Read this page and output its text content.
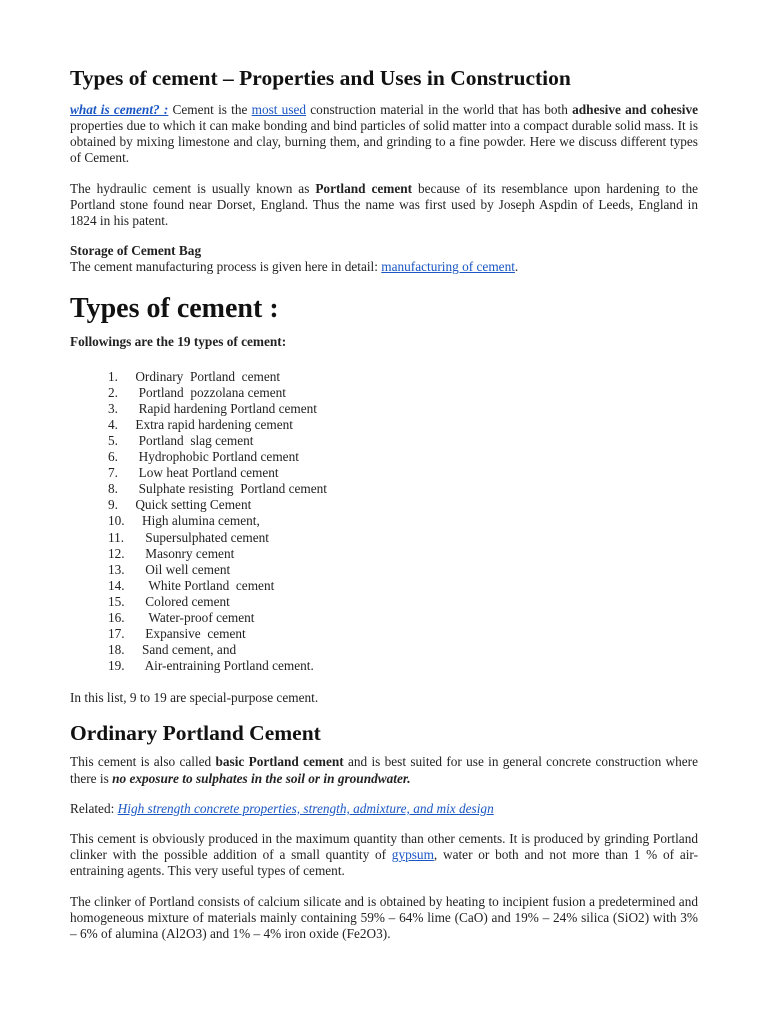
Types of cement – Properties and Uses in Construction

what is cement? : Cement is the most used construction material in the world that has both adhesive and cohesive properties due to which it can make bonding and bind particles of solid matter into a compact durable solid mass. It is obtained by mixing limestone and clay, burning them, and grinding to a fine powder. Here we discuss different types of Cement.

The hydraulic cement is usually known as Portland cement because of its resemblance upon hardening to the Portland stone found near Dorset, England. Thus the name was first used by Joseph Aspdin of Leeds, England in 1824 in his patent.

Storage of Cement Bag

The cement manufacturing process is given here in detail: manufacturing of cement.

Types of cement :

Followings are the 19 types of cement:

1. Ordinary  Portland  cement
2.  Portland  pozzolana cement
3.  Rapid hardening Portland cement
4. Extra rapid hardening cement
5.  Portland  slag cement
6.  Hydrophobic Portland cement
7.  Low heat Portland cement
8.  Sulphate resisting  Portland cement
9. Quick setting Cement
10.   High alumina cement,
11.    Supersulphated cement
12.    Masonry cement
13.    Oil well cement
14.     White Portland  cement
15.    Colored cement
16.     Water-proof cement
17.    Expansive  cement
18.   Sand cement, and
19.    Air-entraining Portland cement.

In this list, 9 to 19 are special-purpose cement.

Ordinary Portland Cement

This cement is also called basic Portland cement and is best suited for use in general concrete construction where there is no exposure to sulphates in the soil or in groundwater.

Related: High strength concrete properties, strength, admixture, and mix design

This cement is obviously produced in the maximum quantity than other cements. It is produced by grinding Portland clinker with the possible addition of a small quantity of gypsum, water or both and not more than 1 % of air-entraining agents. This very useful types of cement.

The clinker of Portland consists of calcium silicate and is obtained by heating to incipient fusion a predetermined and homogeneous mixture of materials mainly containing 59% – 64% lime (CaO) and 19% – 24% silica (SiO2) with 3% – 6% of alumina (Al2O3) and 1% – 4% iron oxide (Fe2O3).
